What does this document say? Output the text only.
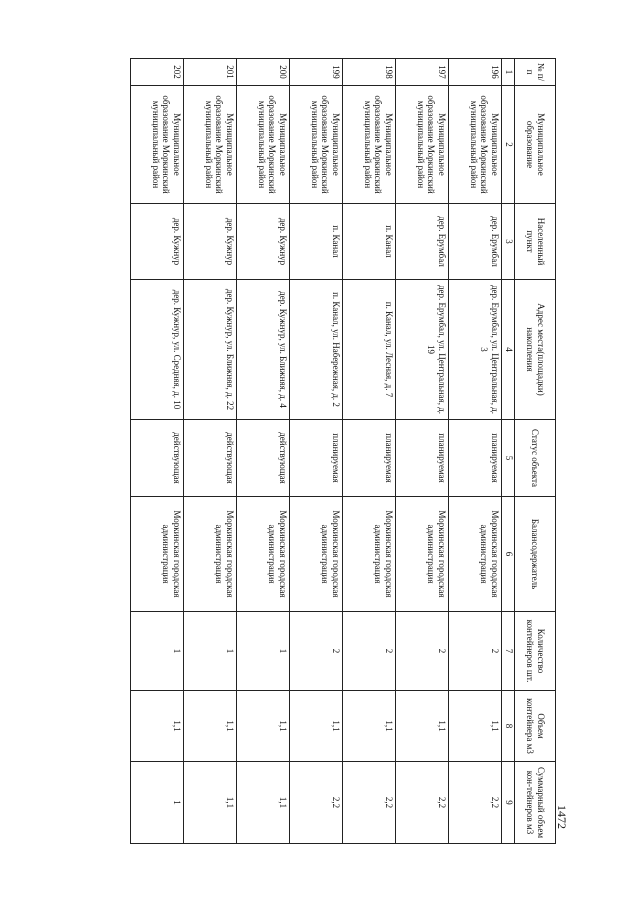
1472
№ п/п	Муниципальное образование	Населенный пункт	Адрес места(площадки) накопления	Статус объекта	Балансодержатель	Количество контейнеров шт.	Объем контейнера м3	Суммарный объем кон-тейнеров м3
1	2	3	4	5	6	7	8	9
196	Муниципальное образование Моркинский муниципальный район	дер. Ерумбал	дер. Ерумбал, ул. Центральная, д. 3	планируемая	Моркинская городская администрация	2	1,1	2,2
197	Муниципальное образование Моркинский муниципальный район	дер. Ерумбал	дер. Ерумбал, ул. Центральная, д. 19	планируемая	Моркинская городская администрация	2	1,1	2,2
198	Муниципальное образование Моркинский муниципальный район	п. Канал	п. Канал, ул. Лесная, д. 7	планируемая	Моркинская городская администрация	2	1,1	2,2
199	Муниципальное образование Моркинский муниципальный район	п. Канал	п. Канал, ул. Набережная, д. 2	планируемая	Моркинская городская администрация	2	1,1	2,2
200	Муниципальное образование Моркинский муниципальный район	дер. Кужнур	дер. Кужнур, ул. Ближняя, д. 4	действующая	Моркинская городская администрация	1	1,1	1,1
201	Муниципальное образование Моркинский муниципальный район	дер. Кужнур	дер. Кужнур, ул. Ближняя, д. 22	действующая	Моркинская городская администрация	1	1,1	1,1
202	Муниципальное образование Моркинский муниципальный район	дер. Кужнур	дер. Кужнур, ул. Средняя, д. 10	действующая	Моркинская городская администрация	1	1,1	1
